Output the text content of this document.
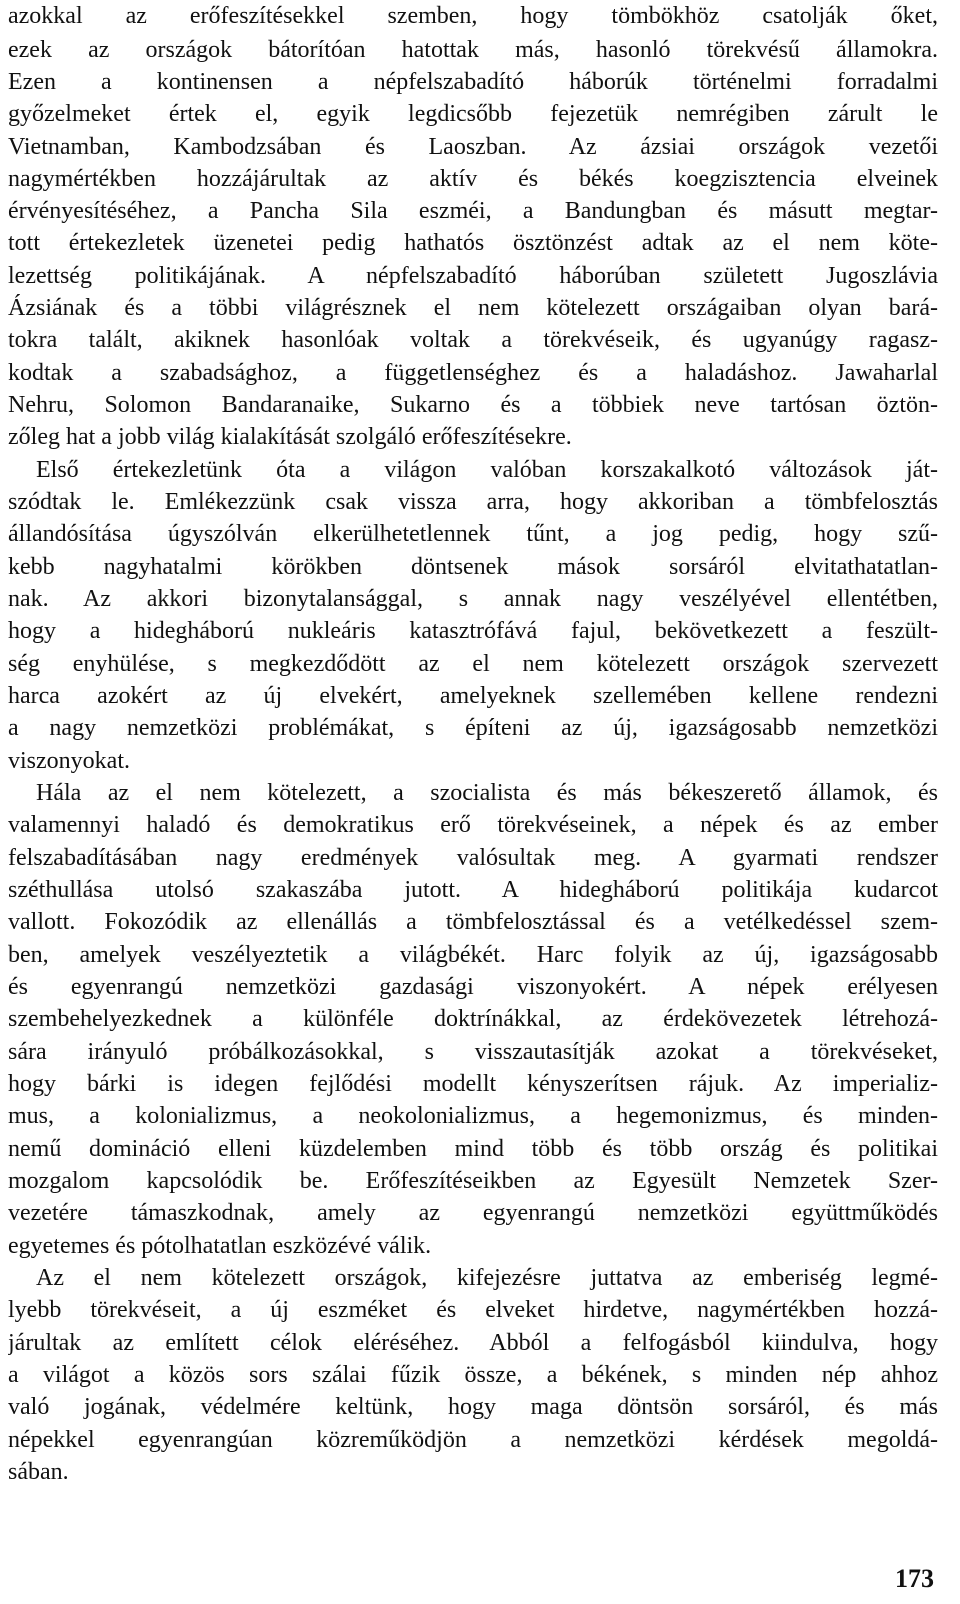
azokkal az erőfeszítésekkel szemben, hogy tömbökhöz csatolják őket,
ezek az országok bátorítóan hatottak más, hasonló törekvésű államokra.
Ezen a kontinensen a népfelszabadító háborúk történelmi forradalmi
győzelmeket értek el, egyik legdicsőbb fejezetük nemrégiben zárult le
Vietnamban, Kambodzsában és Laoszban. Az ázsiai országok vezetői
nagymértékben hozzájárultak az aktív és békés koegzisztencia elveinek
érvényesítéséhez, a Pancha Sila eszméi, a Bandungban és másutt megtar-
tott értekezletek üzenetei pedig hathatós ösztönzést adtak az el nem köte-
lezettség politikájának. A népfelszabadító háborúban született Jugoszlávia
Ázsiának és a többi világrésznek el nem kötelezett országaiban olyan bará-
tokra talált, akiknek hasonlóak voltak a törekvéseik, és ugyanúgy ragasz-
kodtak a szabadsághoz, a függetlenséghez és a haladáshoz. Jawaharlal
Nehru, Solomon Bandaranaike, Sukarno és a többiek neve tartósan öztön-
zőleg hat a jobb világ kialakítását szolgáló erőfeszítésekre.
Első értekezletünk óta a világon valóban korszakalkotó változások ját-
szódtak le. Emlékezzünk csak vissza arra, hogy akkoriban a tömbfelosztás
állandósítása úgyszólván elkerülhetetlennek tűnt, a jog pedig, hogy szű-
kebb nagyhatalmi körökben döntsenek mások sorsáról elvitathatatlan-
nak. Az akkori bizonytalansággal, s annak nagy veszélyével ellentétben,
hogy a hidegháború nukleáris katasztrófává fajul, bekövetkezett a feszült-
ség enyhülése, s megkezdődött az el nem kötelezett országok szervezett
harca azokért az új elvekért, amelyeknek szellemében kellene rendezni
a nagy nemzetközi problémákat, s építeni az új, igazságosabb nemzetközi
viszonyokat.
Hála az el nem kötelezett, a szocialista és más békeszerető államok, és
valamennyi haladó és demokratikus erő törekvéseinek, a népek és az ember
felszabadításában nagy eredmények valósultak meg. A gyarmati rendszer
széthullása utolsó szakaszába jutott. A hidegháború politikája kudarcot
vallott. Fokozódik az ellenállás a tömbfelosztással és a vetélkedéssel szem-
ben, amelyek veszélyeztetik a világbékét. Harc folyik az új, igazságosabb
és egyenrangú nemzetközi gazdasági viszonyokért. A népek erélyesen
szembehelyezkednek a különféle doktrínákkal, az érdekövezetek létrehozá-
sára irányuló próbálkozásokkal, s visszautasítják azokat a törekvéseket,
hogy bárki is idegen fejlődési modellt kényszerítsen rájuk. Az imperializ-
mus, a kolonializmus, a neokolonializmus, a hegemonizmus, és minden-
nemű domináció elleni küzdelemben mind több és több ország és politikai
mozgalom kapcsolódik be. Erőfeszítéseikben az Egyesült Nemzetek Szer-
vezetére támaszkodnak, amely az egyenrangú nemzetközi együttműködés
egyetemes és pótolhatatlan eszközévé válik.
Az el nem kötelezett országok, kifejezésre juttatva az emberiség legmé-
lyebb törekvéseit, a új eszméket és elveket hirdetve, nagymértékben hozzá-
járultak az említett célok eléréséhez. Abból a felfogásból kiindulva, hogy
a világot a közös sors szálai fűzik össze, a békének, s minden nép ahhoz
való jogának, védelmére keltünk, hogy maga döntsön sorsáról, és más
népekkel egyenrangúan közreműködjön a nemzetközi kérdések megoldá-
sában.
173
